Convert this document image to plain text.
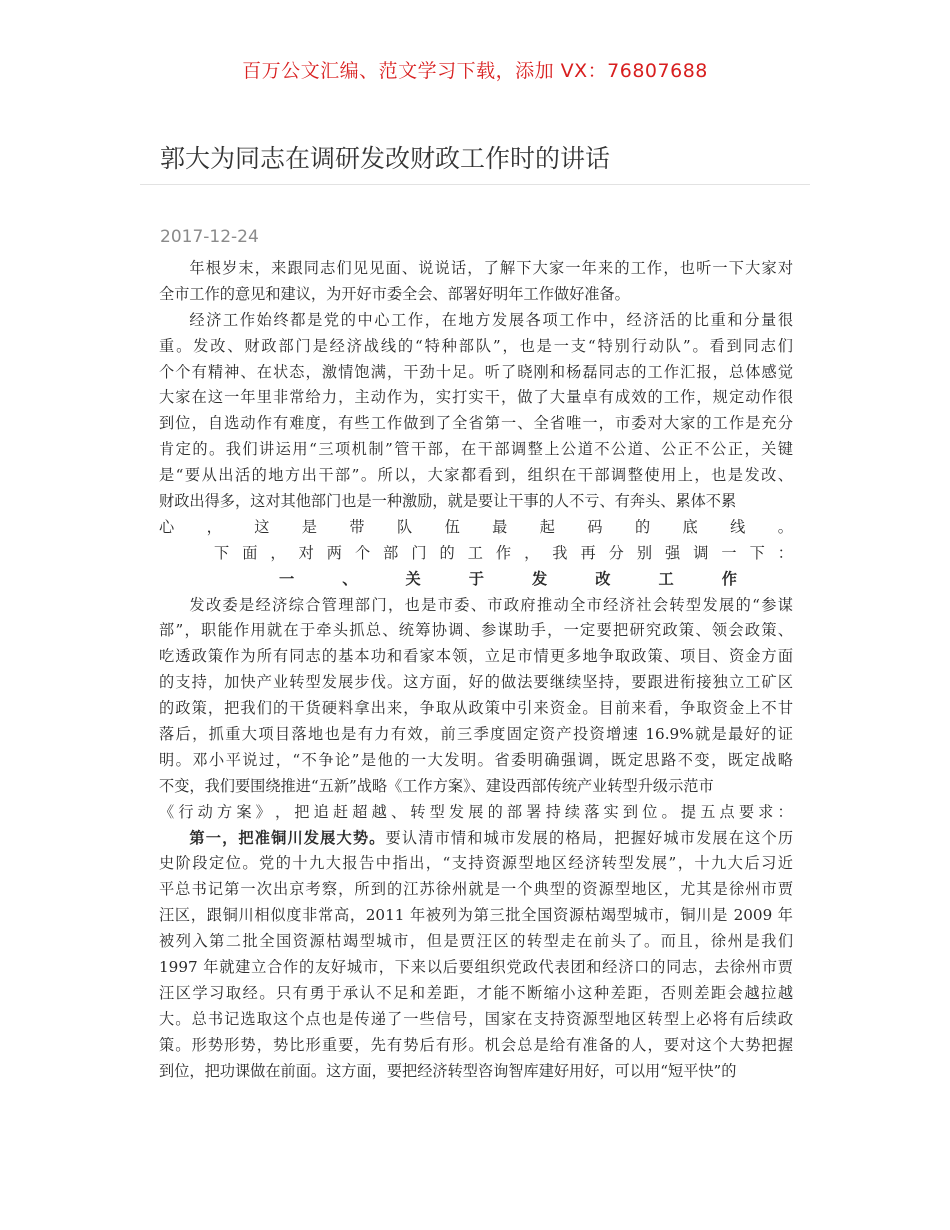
百万公文汇编、范文学习下载，添加 VX：76807688
郭大为同志在调研发改财政工作时的讲话
2017-12-24
年根岁末，来跟同志们见见面、说说话，了解下大家一年来的工作，也听一下大家对
全市工作的意见和建议，为开好市委全会、部署好明年工作做好准备。
经济工作始终都是党的中心工作，在地方发展各项工作中，经济活的比重和分量很
重。发改、财政部门是经济战线的“特种部队”，也是一支“特别行动队”。看到同志们
个个有精神、在状态，激情饱满，干劲十足。听了晓刚和杨磊同志的工作汇报，总体感觉
大家在这一年里非常给力，主动作为，实打实干，做了大量卓有成效的工作，规定动作很
到位，自选动作有难度，有些工作做到了全省第一、全省唯一，市委对大家的工作是充分
肯定的。我们讲运用“三项机制”管干部，在干部调整上公道不公道、公正不公正，关键
是“要从出活的地方出干部”。所以，大家都看到，组织在干部调整使用上，也是发改、
财政出得多，这对其他部门也是一种激励，就是要让干事的人不亏、有奔头、累体不累
心 ， 这 是 带 队 伍 最 起 码 的 底 线 。
下 面 ， 对 两 个 部 门 的 工 作 ， 我 再 分 别 强 调 一 下 ：
一	、	关	于	发	改	工	作
发改委是经济综合管理部门，也是市委、市政府推动全市经济社会转型发展的“参谋
部”，职能作用就在于牵头抓总、统筹协调、参谋助手，一定要把研究政策、领会政策、
吃透政策作为所有同志的基本功和看家本领，立足市情更多地争取政策、项目、资金方面
的支持，加快产业转型发展步伐。这方面，好的做法要继续坚持，要跟进衔接独立工矿区
的政策，把我们的干货硬料拿出来，争取从政策中引来资金。目前来看，争取资金上不甘
落后，抓重大项目落地也是有力有效，前三季度固定资产投资增速 16.9%就是最好的证
明。邓小平说过，“不争论”是他的一大发明。省委明确强调，既定思路不变，既定战略
不变，我们要围绕推进“五新”战略《工作方案》、建设西部传统产业转型升级示范市
《 行 动 方 案 》 ， 把 追 赶 超 越 、 转 型 发 展 的 部 署 持 续 落 实 到 位 。 提 五 点 要 求 ：
第一，把准铜川发展大势。要认清市情和城市发展的格局，把握好城市发展在这个历
史阶段定位。党的十九大报告中指出，“支持资源型地区经济转型发展”，十九大后习近
平总书记第一次出京考察，所到的江苏徐州就是一个典型的资源型地区，尤其是徐州市贾
汪区，跟铜川相似度非常高，2011 年被列为第三批全国资源枯竭型城市，铜川是 2009 年
被列入第二批全国资源枯竭型城市，但是贾汪区的转型走在前头了。而且，徐州是我们
1997 年就建立合作的友好城市，下来以后要组织党政代表团和经济口的同志，去徐州市贾
汪区学习取经。只有勇于承认不足和差距，才能不断缩小这种差距，否则差距会越拉越
大。总书记选取这个点也是传递了一些信号，国家在支持资源型地区转型上必将有后续政
策。形势形势，势比形重要，先有势后有形。机会总是给有准备的人，要对这个大势把握
到位，把功课做在前面。这方面，要把经济转型咨询智库建好用好，可以用“短平快”的
